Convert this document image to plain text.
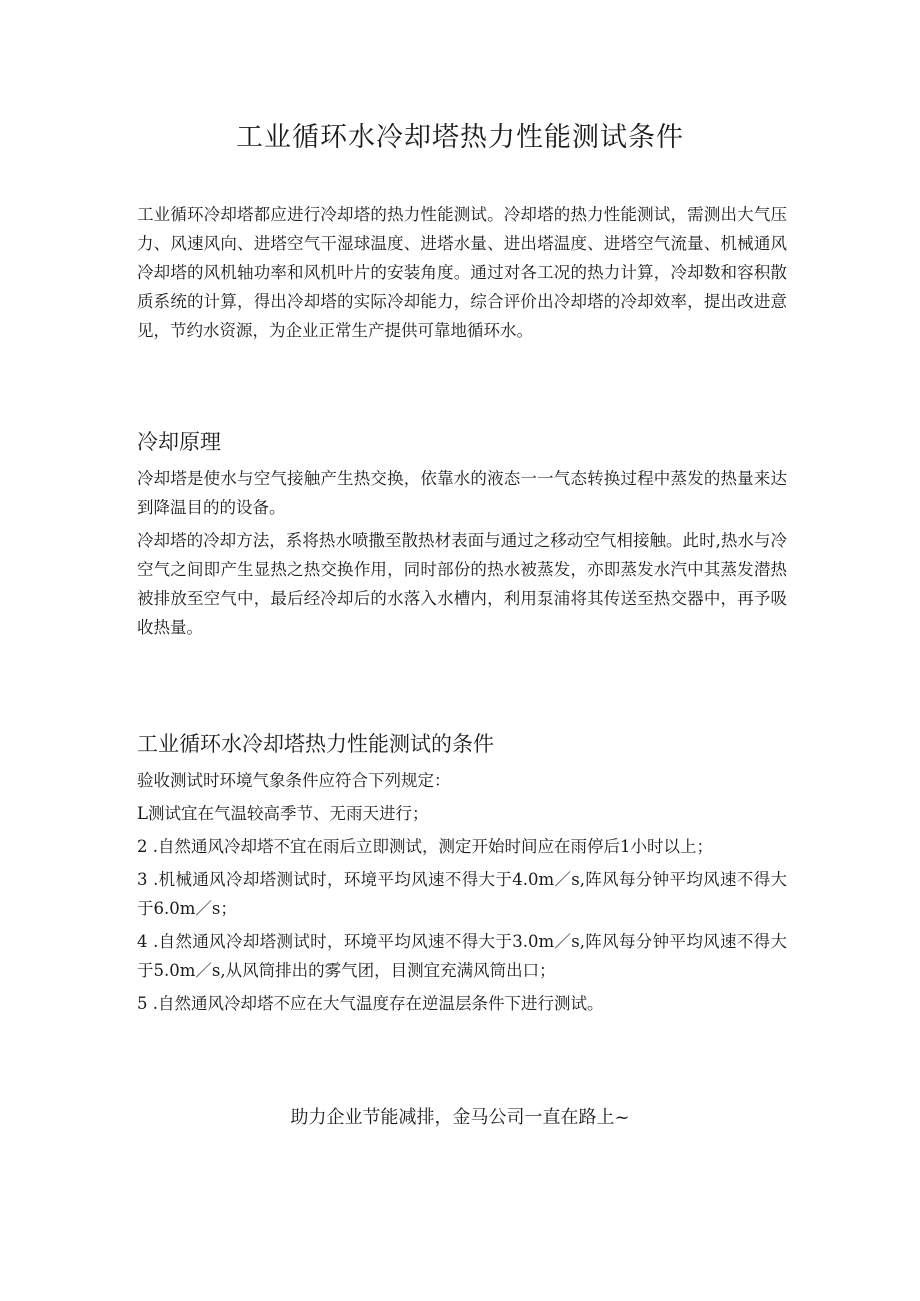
工业循环水冷却塔热力性能测试条件

工业循环冷却塔都应进行冷却塔的热力性能测试。冷却塔的热力性能测试，需测出大气压力、风速风向、进塔空气干湿球温度、进塔水量、进出塔温度、进塔空气流量、机械通风冷却塔的风机轴功率和风机叶片的安装角度。通过对各工况的热力计算，冷却数和容积散质系统的计算，得出冷却塔的实际冷却能力，综合评价出冷却塔的冷却效率，提出改进意见，节约水资源，为企业正常生产提供可靠地循环水。

冷却原理

冷却塔是使水与空气接触产生热交换，依靠水的液态一一气态转换过程中蒸发的热量来达到降温目的的设备。

冷却塔的冷却方法，系将热水喷撒至散热材表面与通过之移动空气相接触。此时,热水与冷空气之间即产生显热之热交换作用，同时部份的热水被蒸发，亦即蒸发水汽中其蒸发潜热被排放至空气中，最后经冷却后的水落入水槽内，利用泵浦将其传送至热交器中，再予吸收热量。

工业循环水冷却塔热力性能测试的条件

验收测试时环境气象条件应符合下列规定：

L测试宜在气温较高季节、无雨天进行；

2 .自然通风冷却塔不宜在雨后立即测试，测定开始时间应在雨停后1小时以上；

3 .机械通风冷却塔测试时，环境平均风速不得大于4.0m／s,阵风每分钟平均风速不得大于6.0m／s；

4 .自然通风冷却塔测试时，环境平均风速不得大于3.0m／s,阵风每分钟平均风速不得大于5.0m／s,从风筒排出的雾气团，目测宜充满风筒出口；

5 .自然通风冷却塔不应在大气温度存在逆温层条件下进行测试。

助力企业节能减排，金马公司一直在路上~
